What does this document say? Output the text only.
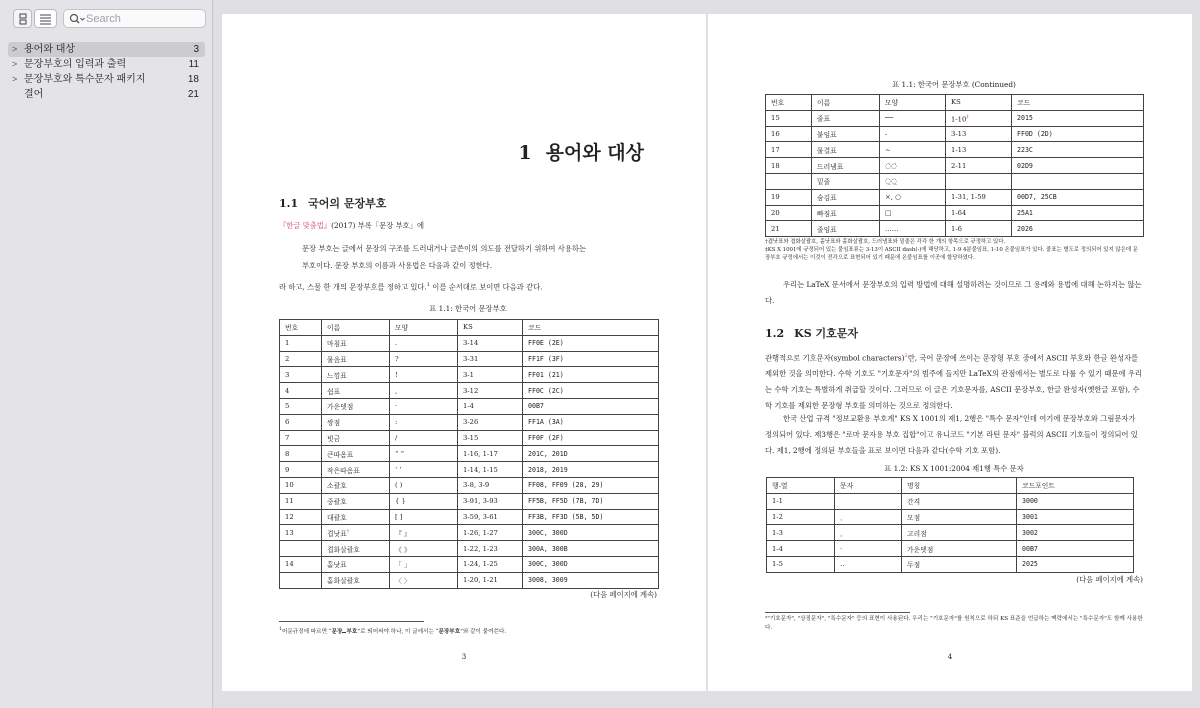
Search
> 용어와 대상	3
> 문장부호의 입력과 출력	11
> 문장부호와 특수문자 패키지	18
결어	21
1 용어와 대상
1.1 국어의 문장부호
『한글 맞춤법』(2017) 부록「문장 부호」에
문장 부호는 글에서 문장의 구조를 드러내거나 글쓴이의 의도를 전달하기 위하여 사용하는
부호이다. 문장 부호의 이름과 사용법은 다음과 같이 정한다.
라 하고, 스물 한 개의 문장부호를 정하고 있다.$^1$ 이를 순서대로 보이면 다음과 같다.
표 1.1: 한국어 문장부호
번호	이름	모양	KS	코드
1	마침표	.	3-14	FF0E (2E)
2	물음표	?	3-31	FF1F (3F)
3	느낌표	!	3-1	FF01 (21)
4	쉼표	,	3-12	FF0C (2C)
5	가운뎃점	·	1-4	00B7
6	쌍점	:	3-26	FF1A (3A)
7	빗금	/	3-15	FF0F (2F)
8	큰따옴표	“ ”	1-16, 1-17	201C, 201D
9	작은따옴표	‘ ’	1-14, 1-15	2018, 2019
10	소괄호	( )	3-8, 3-9	FF08, FF09 (28, 29)
11	중괄호	{ }	3-91, 3-93	FF5B, FF5D (7B, 7D)
12	대괄호	[ ]	3-59, 3-61	FF3B, FF3D (5B, 5D)
13	겹낫표†	『 』	1-26, 1-27	300C, 300D
	겹화살괄호	《 》	1-22, 1-23	300A, 300B
14	홑낫표	「 」	1-24, 1-25	300C, 300D
	홑화살괄호	〈 〉	1-20, 1-21	3008, 3009
(다음 페이지에 계속)
$^1$어문규정에 따르면 “문장 부호”로 띄어써야 하나, 이 글에서는 “문장부호”와 같이 붙여쓴다.
3
표 1.1: 한국어 문장부호 (Continued)
번호	이름	모양	KS	코드
15	줄표	──	1-10‡	2015
16	붙임표	-	3-13	FF0D (2D)
17	물결표	~	1-13	223C
18	드러냄표	◌̇◌̇	2-11	02D9
	밑줄	◌̲◌̲		
19	숨김표	×, ○	1-31, 1-59	00D7, 25CB
20	빠짐표	□	1-64	25A1
21	줄임표	……	1-6	2026
†겹낫표와 겹화살괄호, 홑낫표와 홑화살괄호, 드러냄표와 밑줄은 각각 한 개의 항목으로 규정하고 있다.
‡KS X 1001에 규정되어 있는 붙임표류는 3-13이 ASCII dash(-)에 해당하고, 1-9 4분붙임표, 1-10 온붙임표가 있다. 줄표는 별도로 정의되어 있지 않은데 문장부호 규정에서는 이것이 전각으로 표현되어 있기 때문에 온붙임표를 이곳에 할당하였다.
우리는 LaTeX 문서에서 문장부호의 입력 방법에 대해 설명하려는 것이므로 그 용례와 용법에 대해 논하지는 않는다.
1.2 KS 기호문자
관행적으로 기호문자(symbol characters)$^2$란, 국어 문장에 쓰이는 문장형 부호 중에서 ASCII 부호와 한글 완성자를 제외한 것을 의미한다. 수학 기호도 "기호문자"의 범주에 들지만 LaTeX의 관점에서는 별도로 다룰 수 있기 때문에 우리는 수학 기호는 특별하게 취급할 것이다. 그러므로 이 글은 기호문자를, ASCII 문장부호, 한글 완성자(옛한글 포함), 수학 기호를 제외한 문장형 부호를 의미하는 것으로 정의한다.
한국 산업 규격 "정보교환용 부호계" KS X 1001의 제1, 2행은 "특수 문자"인데 여기에 문장부호와 그림문자가 정의되어 있다. 제3행은 "로마 문자용 부호 집합"이고 유니코드 "기본 라틴 문자" 블럭의 ASCII 기호들이 정의되어 있다. 제1, 2행에 정의된 부호들을 표로 보이면 다음과 같다(수학 기호 포함).
표 1.2: KS X 1001:2004 제1행 특수 문자
행-열	문자	명칭	코드포인트
1-1		간격	3000
1-2	、	모점	3001
1-3	。	고리점	3002
1-4	·	가운뎃점	00B7
1-5	‥	두점	2025
(다음 페이지에 계속)
²"기호문자", "상징문자", "특수문자" 등의 표현이 사용된다. 우리는 "기호문자"를 원칙으로 하되 KS 표준을 언급하는 맥락에서는 "특수문자"도 함께 사용한다.
4
